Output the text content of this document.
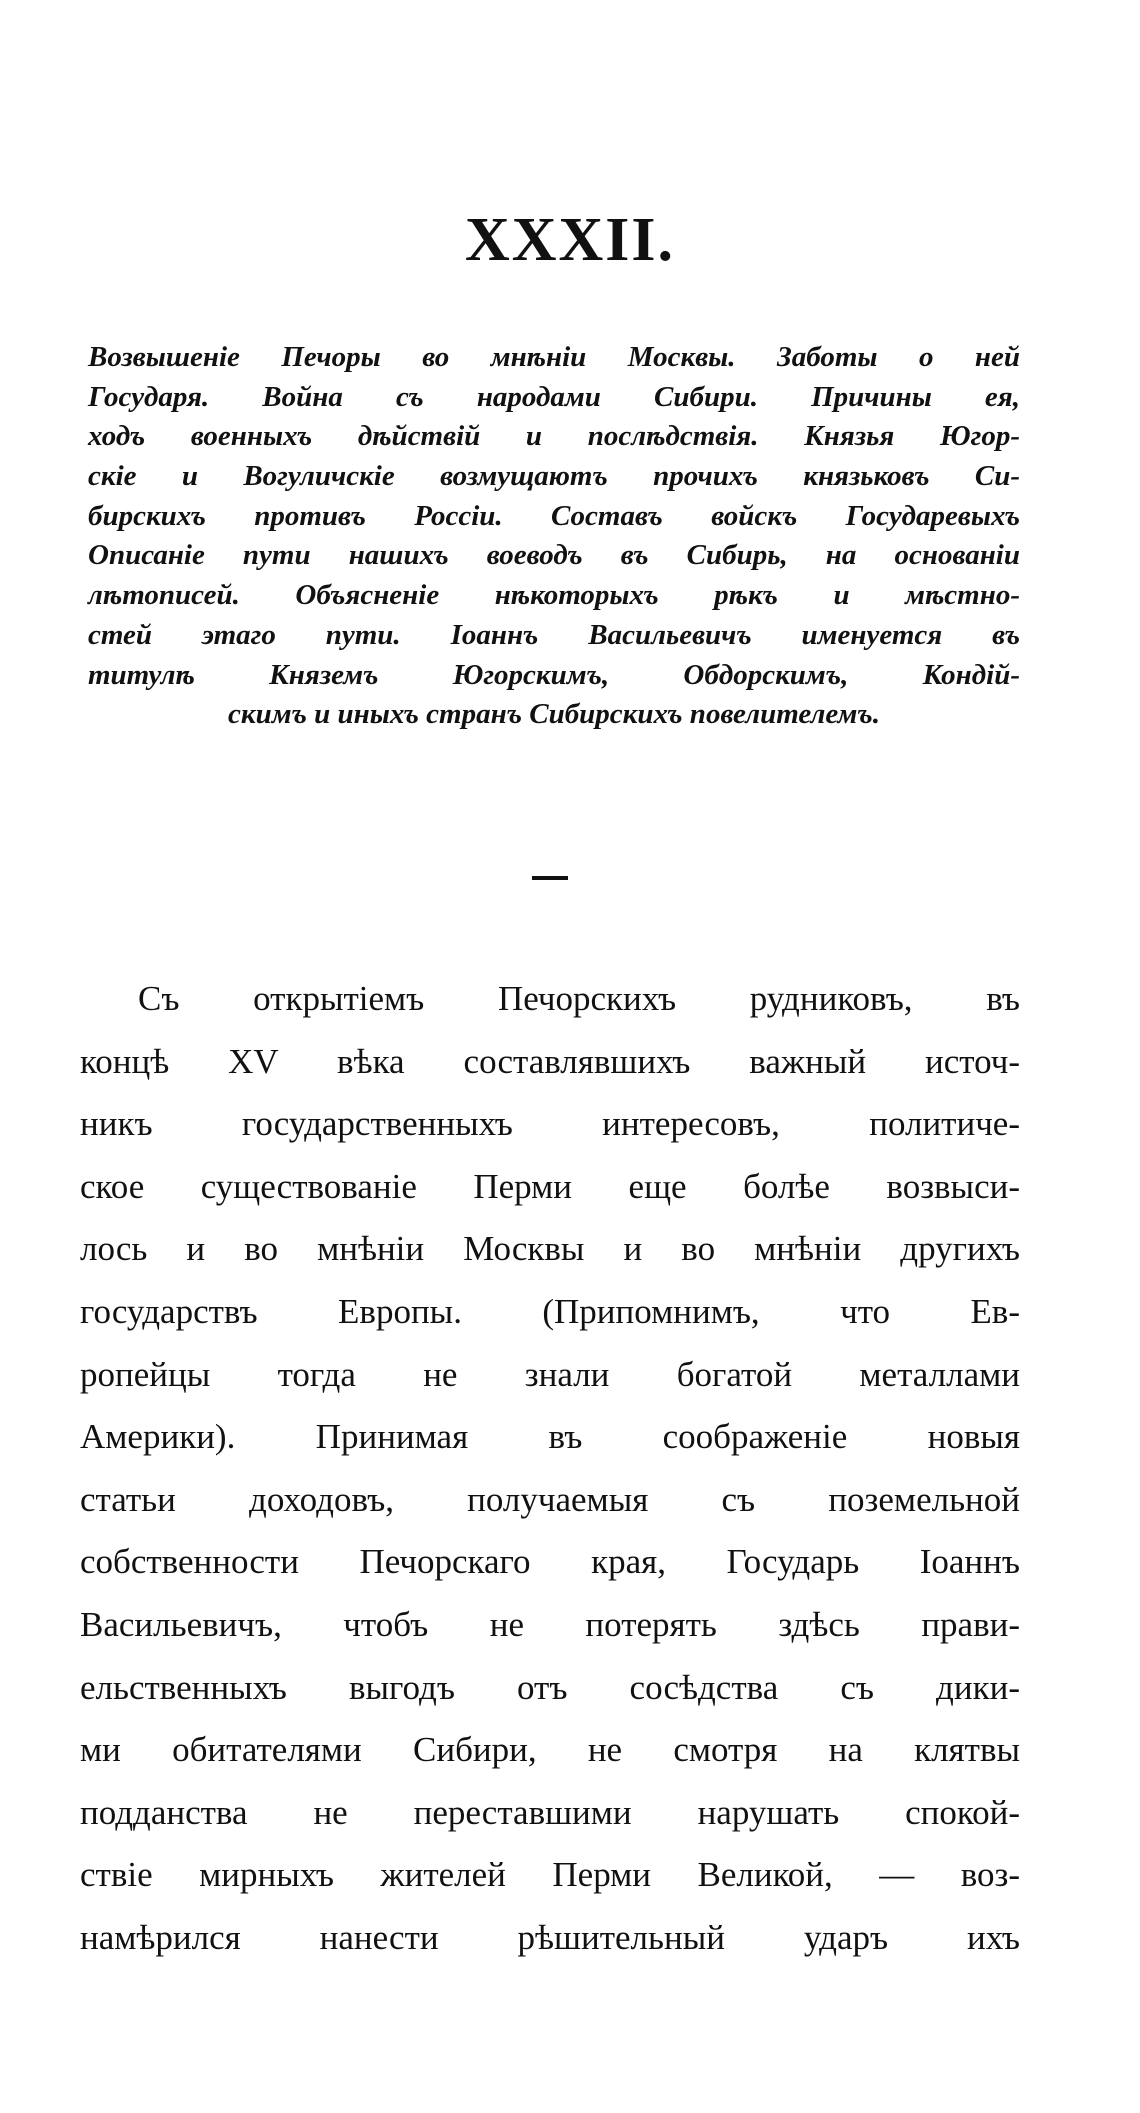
XXXII.
Возвышеніе Печоры во мнѣніи Москвы. Заботы о ней
Государя. Война съ народами Сибири. Причины ея,
ходъ военныхъ дѣйствій и послѣдствія. Князья Югор-
скіе и Вогуличскіе возмущаютъ прочихъ князьковъ Си-
бирскихъ противъ Россіи. Составъ войскъ Государевыхъ
Описаніе пути нашихъ воеводъ въ Сибирь, на основаніи
лѣтописей. Объясненіе нѣкоторыхъ рѣкъ и мѣстно-
стей этаго пути. Іоаннъ Васильевичъ именуется въ
титулѣ Княземъ Югорскимъ, Обдорскимъ, Кондій-
скимъ и иныхъ странъ Сибирскихъ повелителемъ.
Съ открытіемъ Печорскихъ рудниковъ, въ
концѣ XV вѣка составлявшихъ важный источ-
никъ государственныхъ интересовъ, политиче-
ское существованіе Перми еще болѣе возвыси-
лось и во мнѣніи Москвы и во мнѣніи другихъ
государствъ Европы. (Припомнимъ, что Ев-
ропейцы тогда не знали богатой металлами
Америки). Принимая въ соображеніе новыя
статьи доходовъ, получаемыя съ поземельной
собственности Печорскаго края, Государь Іоаннъ
Васильевичъ, чтобъ не потерять здѣсь прави-
ельственныхъ выгодъ отъ сосѣдства съ дики-
ми обитателями Сибири, не смотря на клятвы
подданства не переставшими нарушать спокой-
ствіе мирныхъ жителей Перми Великой, — воз-
намѣрился нанести рѣшительный ударъ ихъ
